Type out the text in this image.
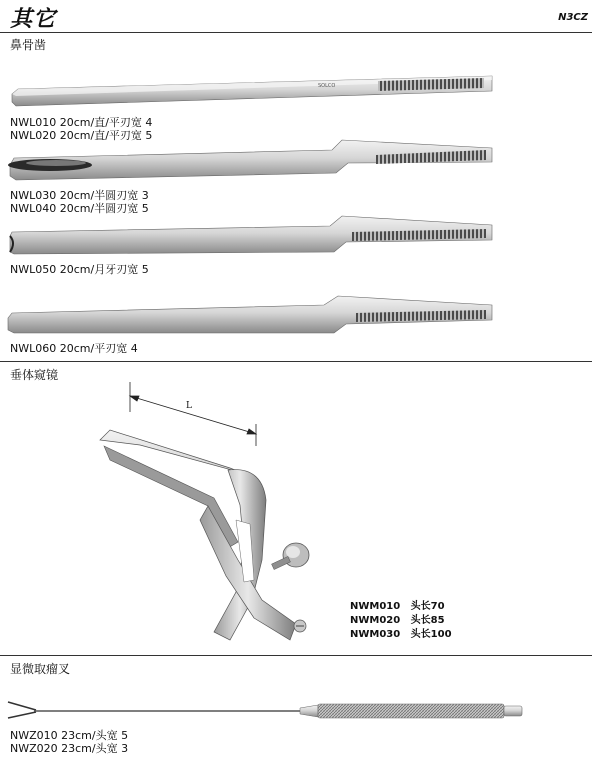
其它	N3CZ
鼻骨凿
SOLCO
L
NWL010 20cm/直/平刃宽 4
NWL020 20cm/直/平刃宽 5
NWL030 20cm/半圆刃宽 3
NWL040 20cm/半圆刃宽 5
NWL050 20cm/月牙刃宽 5
NWL060 20cm/平刃宽 4
垂体窥镜
NWM010   头长70
NWM020   头长85
NWM030   头长100
显微取瘤叉
NWZ010 23cm/头宽 5
NWZ020 23cm/头宽 3
